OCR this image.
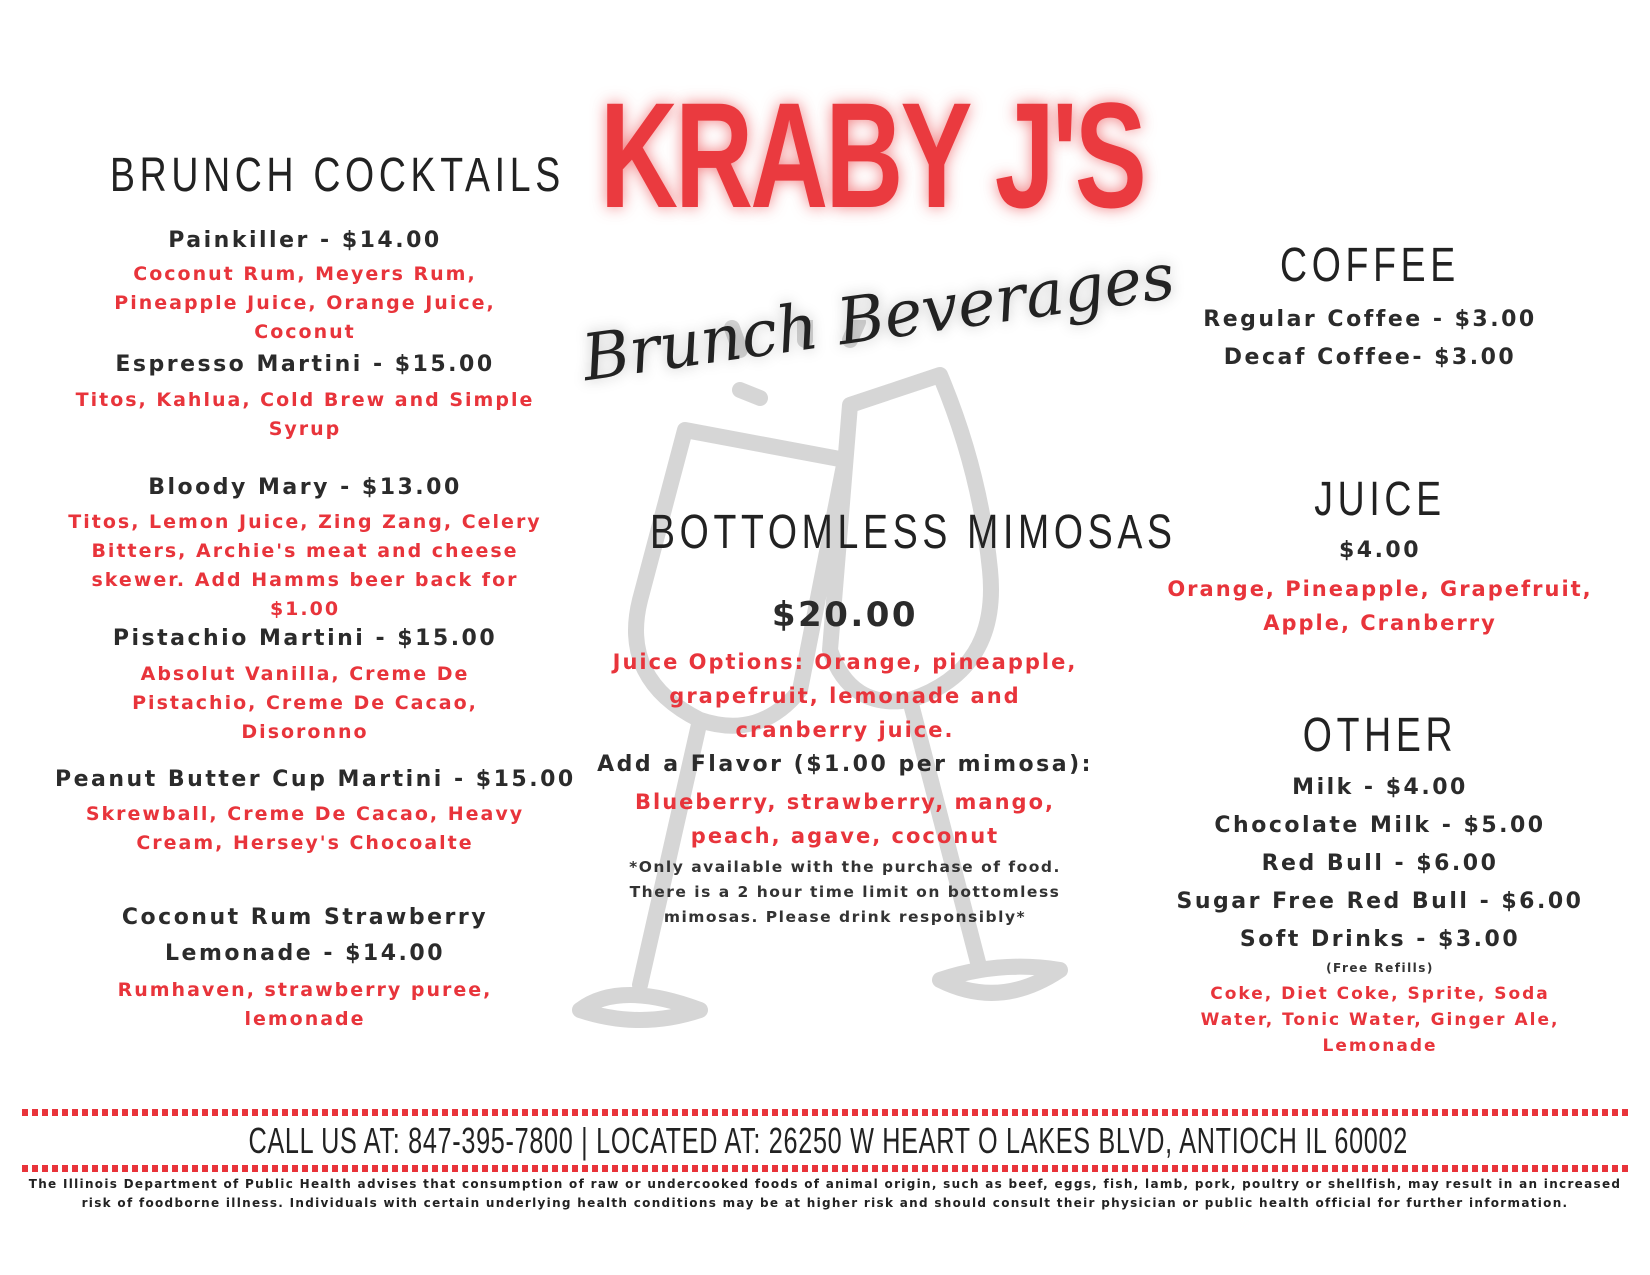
KRABY J'S
Brunch Beverages
BRUNCH COCKTAILS
Painkiller - $14.00
Coconut Rum, Meyers Rum, Pineapple Juice, Orange Juice, Coconut
Espresso Martini - $15.00
Titos, Kahlua, Cold Brew and Simple Syrup
Bloody Mary - $13.00
Titos, Lemon Juice, Zing Zang, Celery Bitters, Archie's meat and cheese skewer. Add Hamms beer back for $1.00
Pistachio Martini - $15.00
Absolut Vanilla, Creme De Pistachio, Creme De Cacao, Disoronno
Peanut Butter Cup Martini - $15.00
Skrewball, Creme De Cacao, Heavy Cream, Hersey's Chocoalte
Coconut Rum Strawberry
Lemonade - $14.00
Rumhaven, strawberry puree, lemonade
BOTTOMLESS MIMOSAS
$20.00
Juice Options: Orange, pineapple, grapefruit, lemonade and cranberry juice.
Add a Flavor ($1.00 per mimosa):
Blueberry, strawberry, mango, peach, agave, coconut
*Only available with the purchase of food. There is a 2 hour time limit on bottomless mimosas. Please drink responsibly*
COFFEE
Regular Coffee - $3.00
Decaf Coffee- $3.00
JUICE
$4.00
Orange, Pineapple, Grapefruit, Apple, Cranberry
OTHER
Milk - $4.00
Chocolate Milk - $5.00
Red Bull - $6.00
Sugar Free Red Bull - $6.00
Soft Drinks - $3.00
(Free Refills)
Coke, Diet Coke, Sprite, Soda Water, Tonic Water, Ginger Ale, Lemonade
CALL US AT: 847-395-7800 | LOCATED AT: 26250 W HEART O LAKES BLVD, ANTIOCH IL 60002
The Illinois Department of Public Health advises that consumption of raw or undercooked foods of animal origin, such as beef, eggs, fish, lamb, pork, poultry or shellfish, may result in an increased risk of foodborne illness. Individuals with certain underlying health conditions may be at higher risk and should consult their physician or public health official for further information.
